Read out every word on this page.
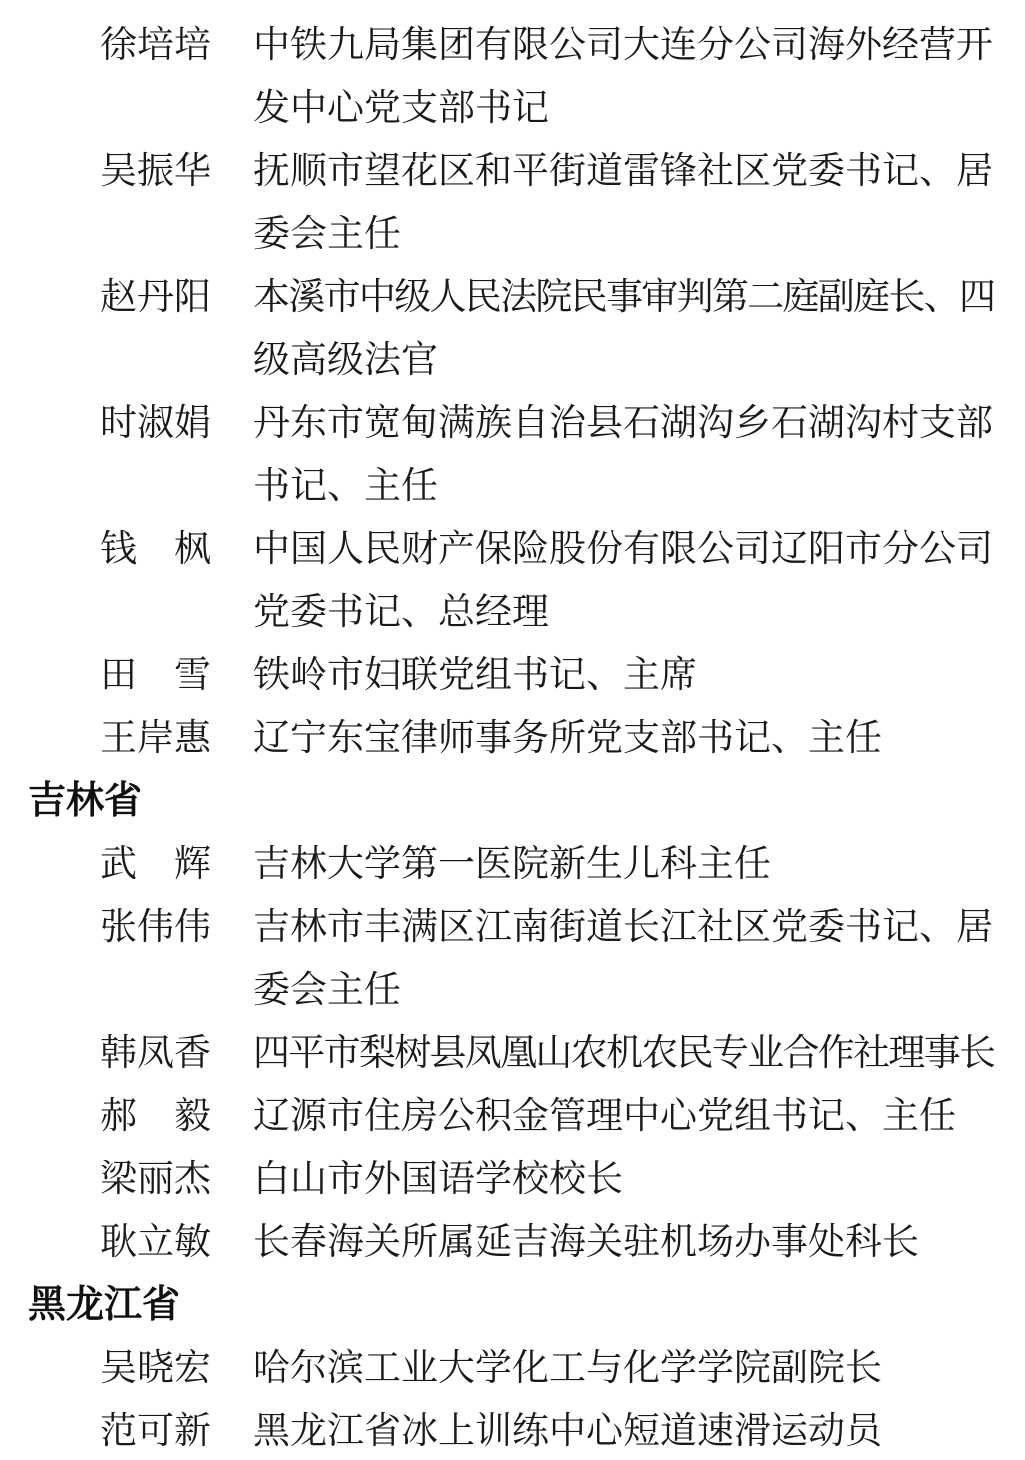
徐 培 培 中铁九局集团有限公司大连分公司海外经营开
发中心党支部书记
吴 振 华 抚顺市望花区和平街道雷锋社区党委书记、居
委会主任
赵 丹 阳 本溪市中级人民法院民事审判第二庭副庭长、四
级高级法官
时 淑 娟 丹东市宽甸满族自治县石湖沟乡石湖沟村支部
书记、主任
钱 枫 中国人民财产保险股份有限公司辽阳市分公司
党委书记、总经理
田 雪 铁岭市妇联党组书记、主席
王 岸 惠 辽宁东宝律师事务所党支部书记、主任
吉林省
武 辉 吉林大学第一医院新生儿科主任
张 伟 伟 吉林市丰满区江南街道长江社区党委书记、居
委会主任
韩 凤 香 四平市梨树县凤凰山农机农民专业合作社理事长
郝 毅 辽源市住房公积金管理中心党组书记、主任
梁 丽 杰 白山市外国语学校校长
耿 立 敏 长春海关所属延吉海关驻机场办事处科长
黑龙江省
吴 晓 宏 哈尔滨工业大学化工与化学学院副院长
范 可 新 黑龙江省冰上训练中心短道速滑运动员
